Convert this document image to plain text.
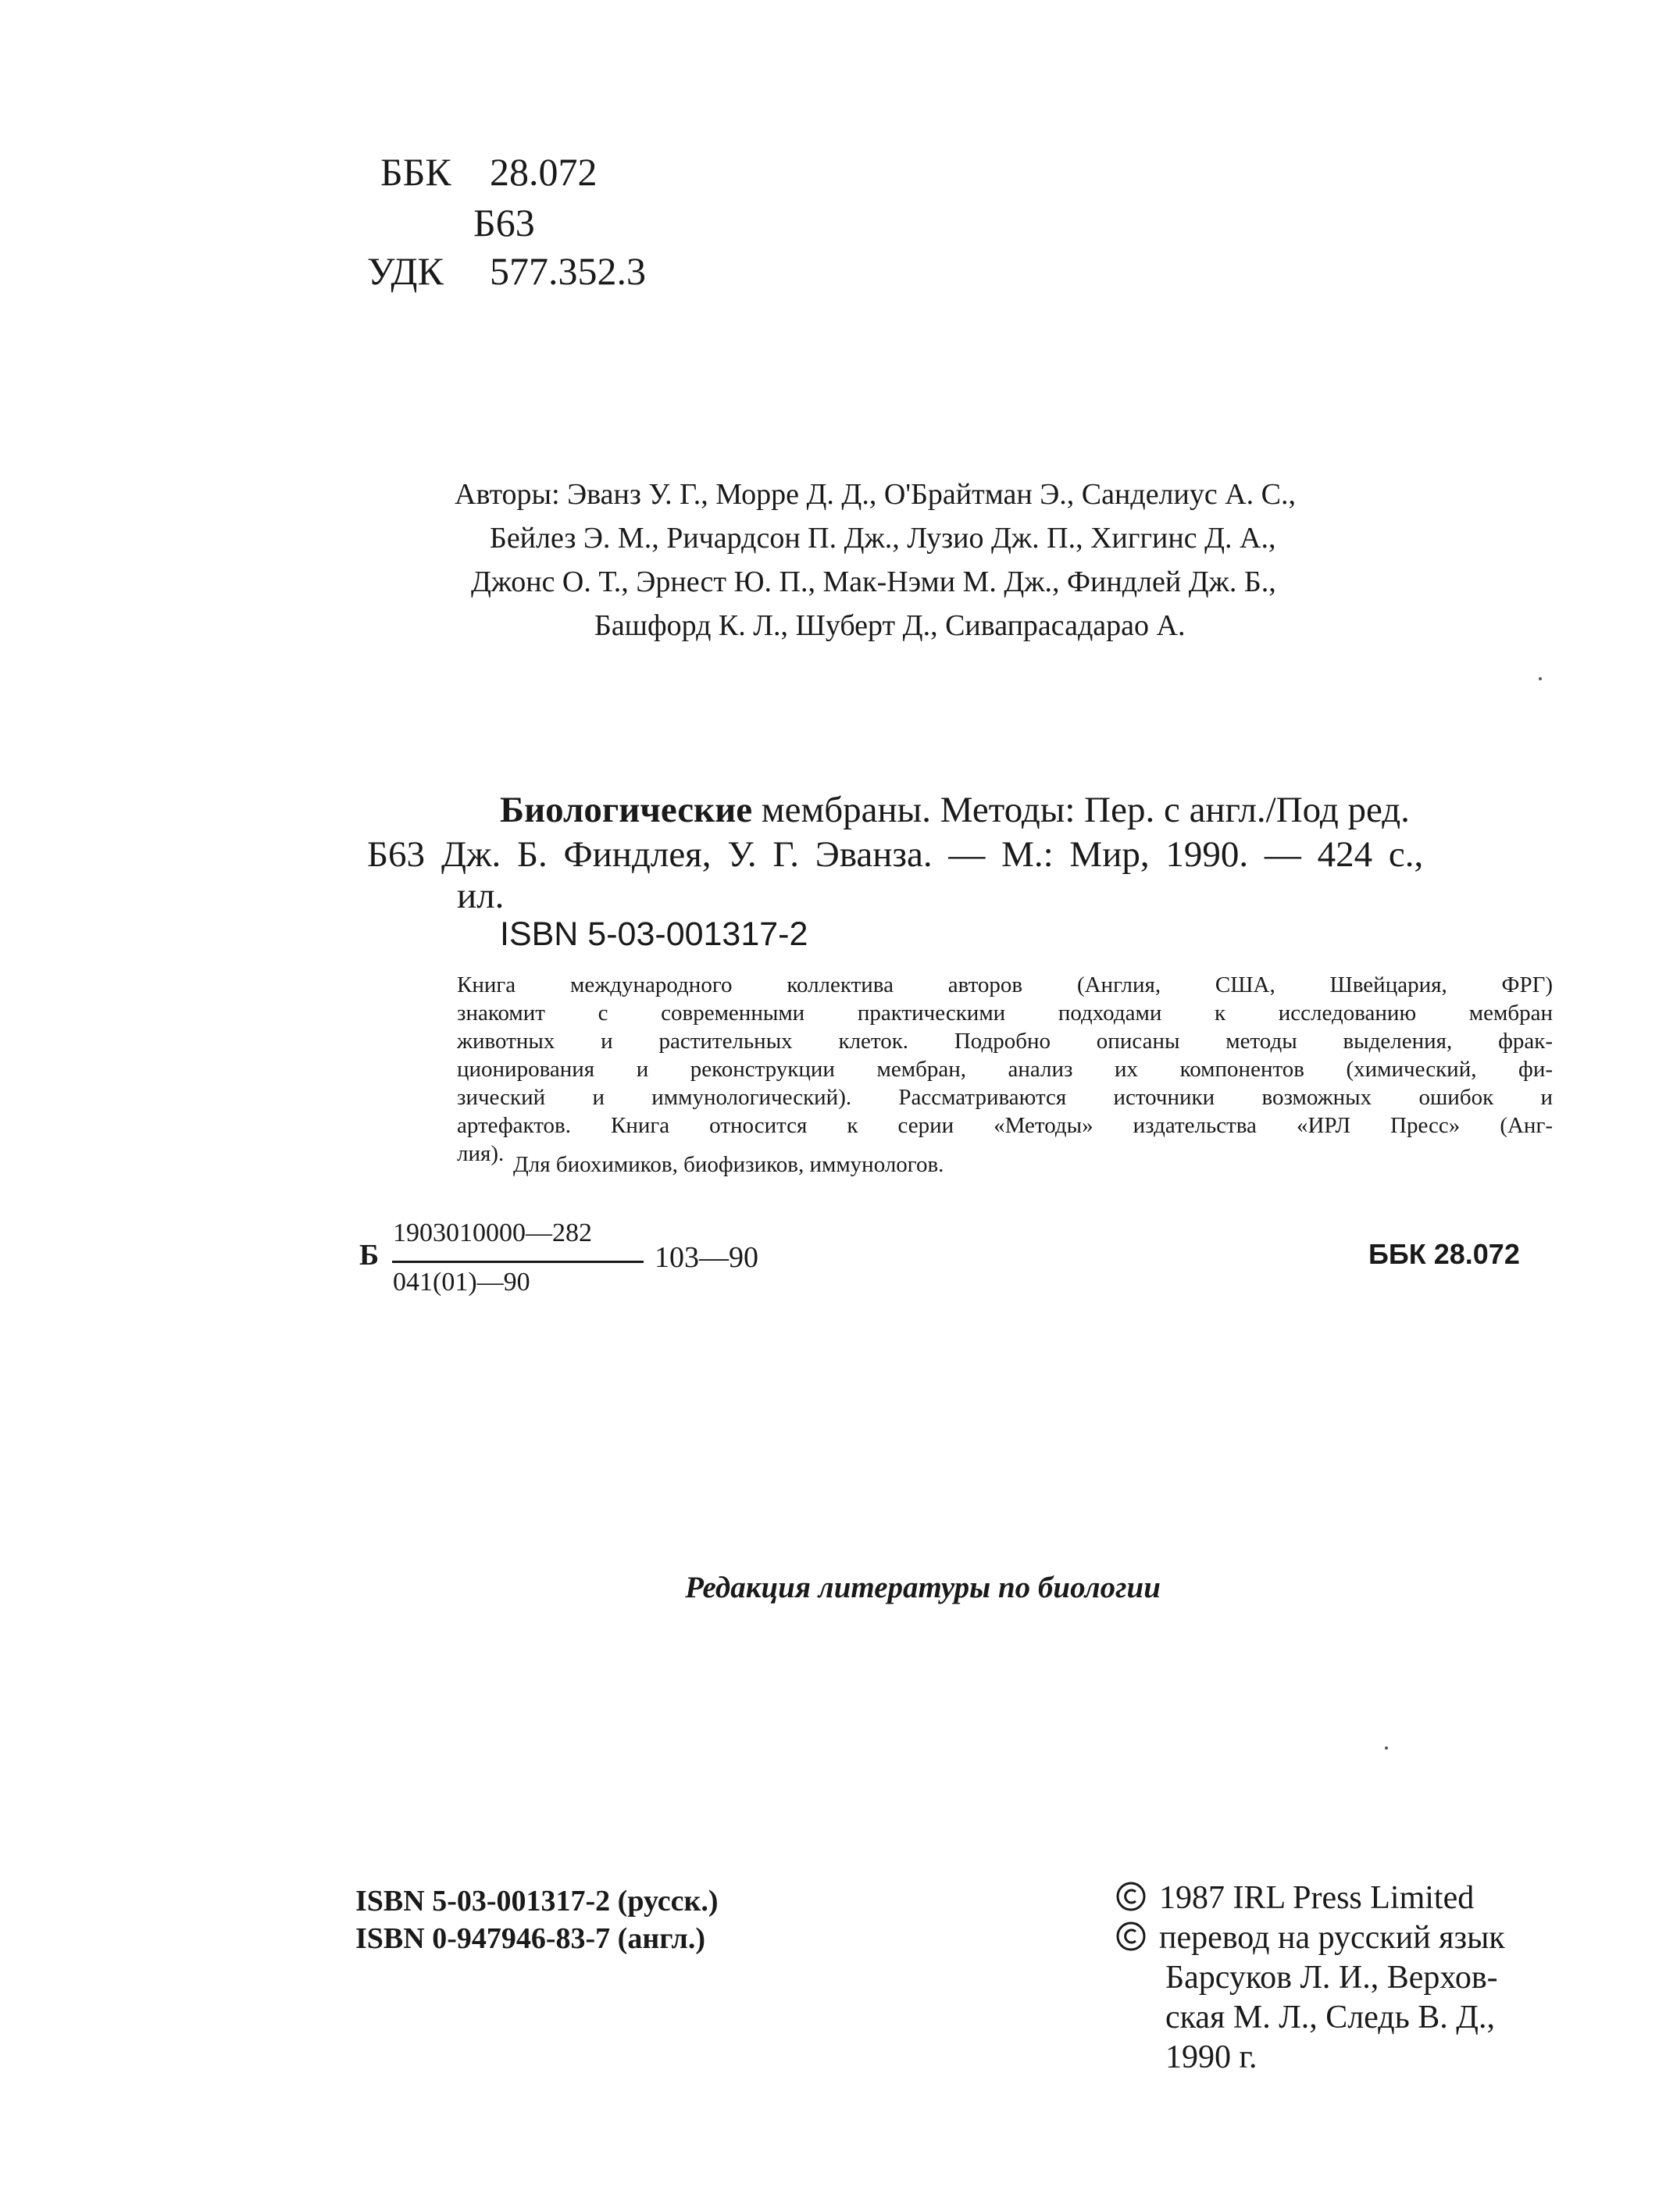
ББК 28.072
Б63
УДК 577.352.3
Авторы: Эванз У. Г., Морре Д. Д., О'Брайтман Э., Санделиус А. С.,
Бейлез Э. М., Ричардсон П. Дж., Лузио Дж. П., Хиггинс Д. А.,
Джонс О. Т., Эрнест Ю. П., Мак-Нэми М. Дж., Финдлей Дж. Б.,
Башфорд К. Л., Шуберт Д., Сивапрасадарао А.
Биологические мембраны. Методы: Пер. с англ./Под ред.
Б63 Дж. Б. Финдлея, У. Г. Эванза. — М.: Мир, 1990. — 424 с.,
ил.
ISBN 5-03-001317-2
Книга международного коллектива авторов (Англия, США, Швейцария, ФРГ)
знакомит с современными практическими подходами к исследованию мембран
животных и растительных клеток. Подробно описаны методы выделения, фрак-
ционирования и реконструкции мембран, анализ их компонентов (химический, фи-
зический и иммунологический). Рассматриваются источники возможных ошибок и
артефактов. Книга относится к серии «Методы» издательства «ИРЛ Пресс» (Анг-
лия). Для биохимиков, биофизиков, иммунологов.
Б
1903010000—282
041(01)—90
103—90	ББК 28.072
Редакция литературы по биологии
ISBN 5-03-001317-2 (русск.)
ISBN 0-947946-83-7 (англ.)
1987 IRL Press Limited
перевод на русский язык
Барсуков Л. И., Верхов-
ская М. Л., Следь В. Д.,
1990 г.
